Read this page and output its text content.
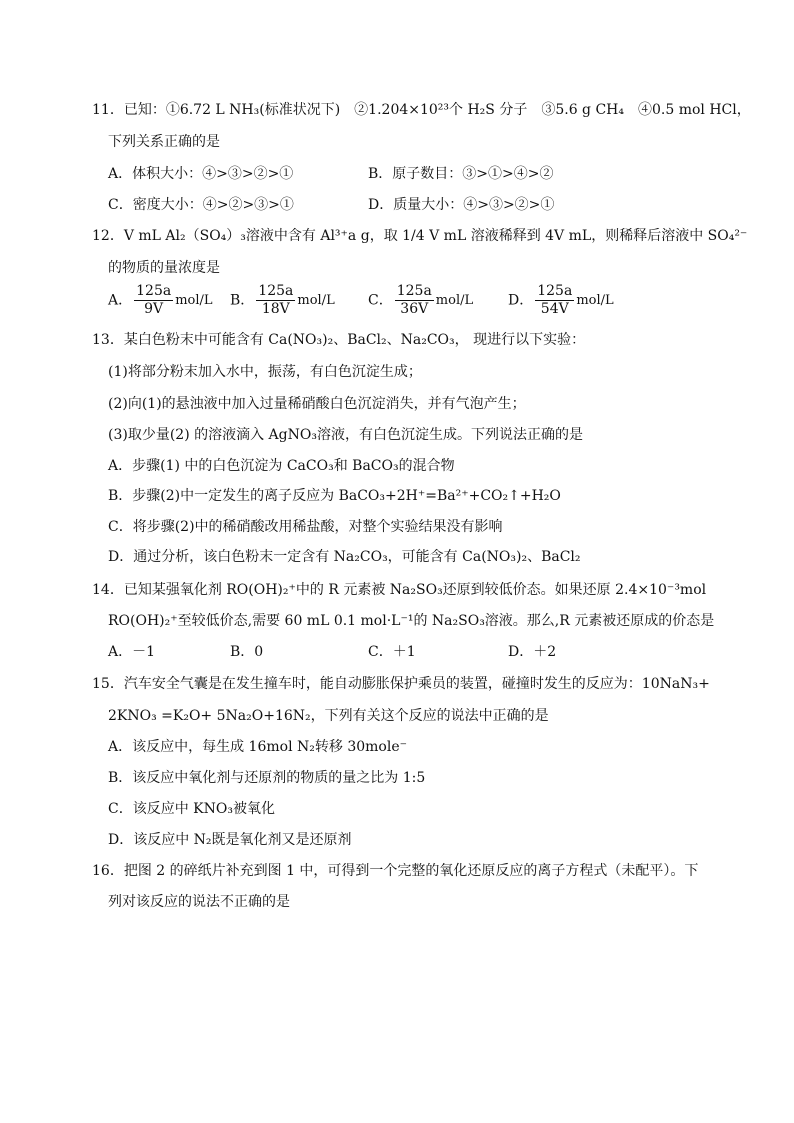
11．已知：①6.72 L NH₃(标准状况下)　②1.204×10²³个 H₂S 分子　③5.6 g CH₄　④0.5 mol HCl，
下列关系正确的是
A．体积大小：④>③>②>①	B．原子数目：③>①>④>②
C．密度大小：④>②>③>①	D．质量大小：④>③>②>①
12．V mL Al₂（SO₄）₃溶液中含有 Al³⁺a g，取 1/4 V mL 溶液稀释到 4V mL，则稀释后溶液中 SO₄²⁻
的物质的量浓度是
A． $\frac{125a}{9V} mol/L$ B． $\frac{125a}{18V} mol/L$ C． $\frac{125a}{36V} mol/L$ D． $\frac{125a}{54V} mol/L$
13．某白色粉末中可能含有 Ca(NO₃)₂、BaCl₂、Na₂CO₃， 现进行以下实验：
(1)将部分粉末加入水中，振荡，有白色沉淀生成；
(2)向(1)的悬浊液中加入过量稀硝酸白色沉淀消失，并有气泡产生；
(3)取少量(2) 的溶液滴入 AgNO₃溶液，有白色沉淀生成。下列说法正确的是
A．步骤(1) 中的白色沉淀为 CaCO₃和 BaCO₃的混合物
B．步骤(2)中一定发生的离子反应为 BaCO₃+2H⁺=Ba²⁺+CO₂↑+H₂O
C．将步骤(2)中的稀硝酸改用稀盐酸，对整个实验结果没有影响
D．通过分析，该白色粉末一定含有 Na₂CO₃，可能含有 Ca(NO₃)₂、BaCl₂
14．已知某强氧化剂 RO(OH)₂⁺中的 R 元素被 Na₂SO₃还原到较低价态。如果还原 2.4×10⁻³mol
RO(OH)₂⁺至较低价态,需要 60 mL 0.1 mol·L⁻¹的 Na₂SO₃溶液。那么,R 元素被还原成的价态是
A．－1	B．0	C．＋1	D．＋2
15．汽车安全气囊是在发生撞车时，能自动膨胀保护乘员的装置，碰撞时发生的反应为：10NaN₃+
2KNO₃ =K₂O+ 5Na₂O+16N₂，下列有关这个反应的说法中正确的是
A．该反应中，每生成 16mol N₂转移 30mole⁻
B．该反应中氧化剂与还原剂的物质的量之比为 1:5
C．该反应中 KNO₃被氧化
D．该反应中 N₂既是氧化剂又是还原剂
16．把图 2 的碎纸片补充到图 1 中，可得到一个完整的氧化还原反应的离子方程式（未配平）。下
列对该反应的说法不正确的是
